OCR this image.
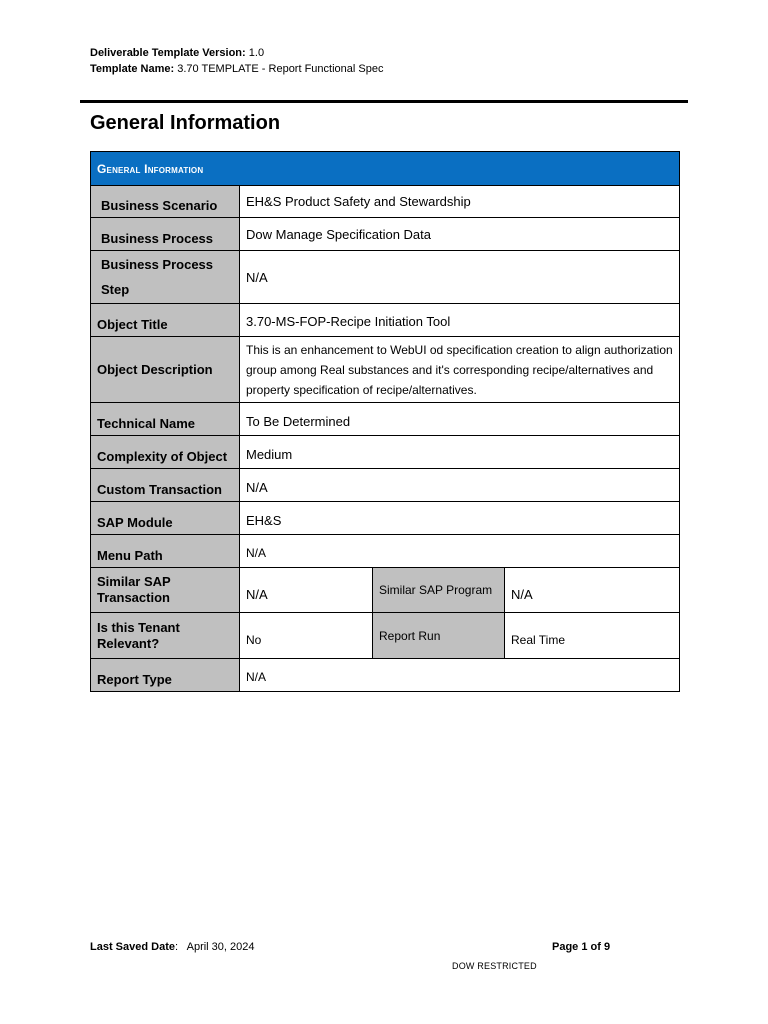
Deliverable Template Version: 1.0
Template Name: 3.70 TEMPLATE - Report Functional Spec
General Information
General Information			
Business Scenario	EH&S Product Safety and Stewardship		
Business Process	Dow Manage Specification Data		
Business Process Step	N/A		
Object Title	3.70-MS-FOP-Recipe Initiation Tool		
Object Description	This is an enhancement to WebUI od specification creation to align authorization group among Real substances and it's corresponding recipe/alternatives and property specification of recipe/alternatives.		
Technical Name	To Be Determined		
Complexity of Object	Medium		
Custom Transaction	N/A		
SAP Module	EH&S		
Menu Path	N/A		
Similar SAP Transaction	N/A	Similar SAP Program	N/A
Is this Tenant Relevant?	No	Report Run	Real Time
Report Type	N/A		
Last Saved Date: April 30, 2024	Page 1 of 9
DOW RESTRICTED
